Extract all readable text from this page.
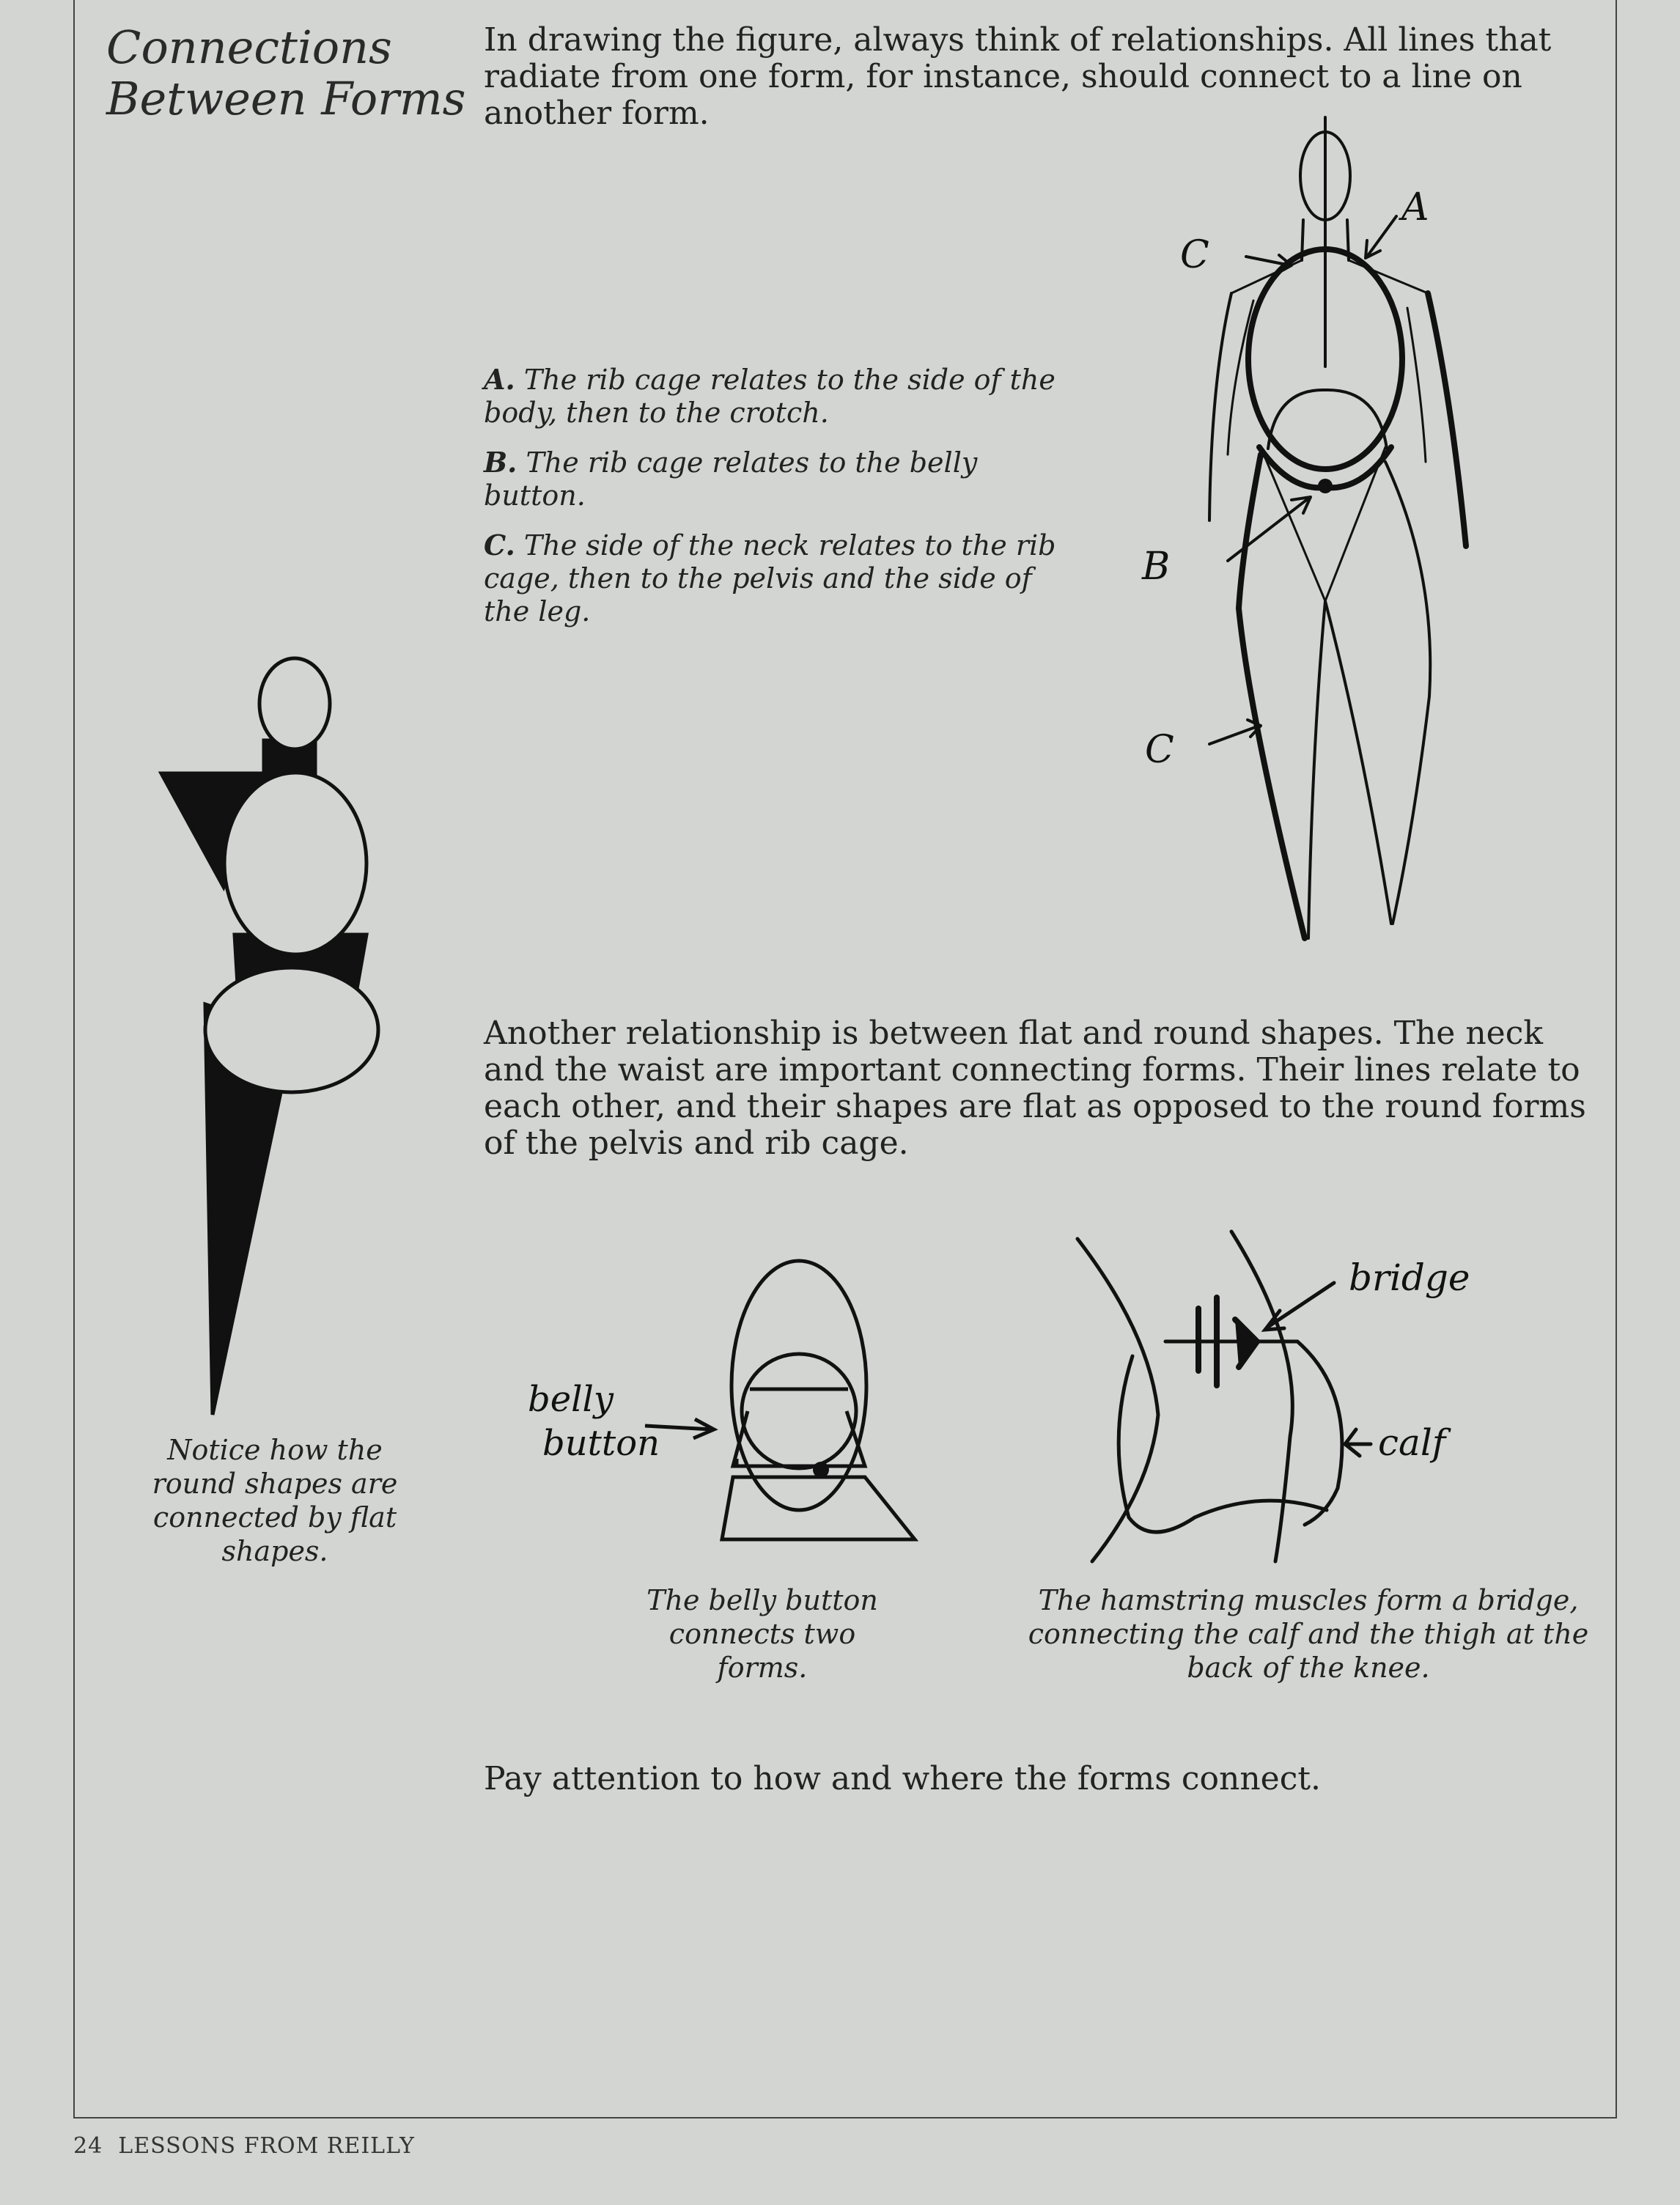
Connections
Between Forms
In drawing the figure, always think of relationships. All lines that radiate from one form, for instance, should connect to a line on another form.

A. The rib cage relates to the side of the body, then to the crotch.

B. The rib cage relates to the belly button.

C. The side of the neck relates to the rib cage, then to the pelvis and the side of the leg.

A
C
B
C
Another relationship is between flat and round shapes. The neck and the waist are important connecting forms. Their lines relate to each other, and their shapes are flat as opposed to the round forms of the pelvis and rib cage.
Notice how the round shapes are connected by flat shapes.
belly
button
The belly button connects two forms.
bridge
calf
The hamstring muscles form a bridge, connecting the calf and the thigh at the back of the knee.
Pay attention to how and where the forms connect.
24 LESSONS FROM REILLY
